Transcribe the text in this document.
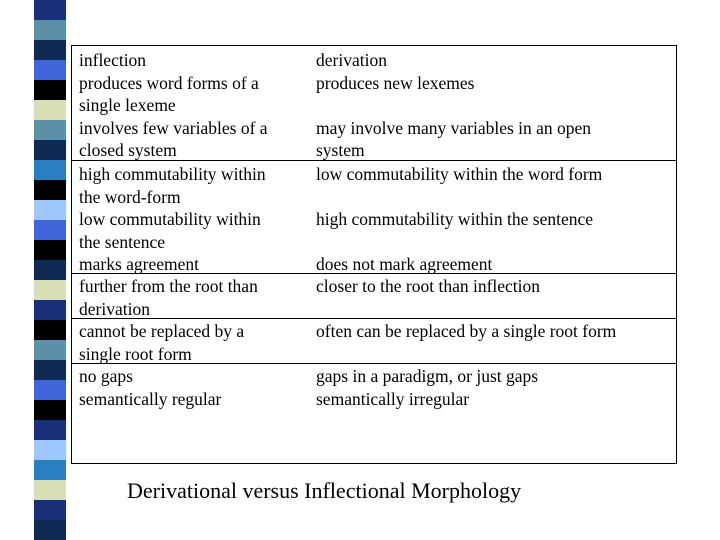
inflection
produces word forms of a
single lexeme
involves few variables of a
closed system
derivation
produces new lexemes

may involve many variables in an open
system
high commutability within
the word-form
low commutability within
the sentence
marks agreement
low commutability within the word form

high commutability within the sentence

does not mark agreement
further from the root than
derivation
closer to the root than inflection
cannot be replaced by a
single root form
often can be replaced by a single root form
no gaps
semantically regular
gaps in a paradigm, or just gaps
semantically irregular
Derivational versus Inflectional Morphology
